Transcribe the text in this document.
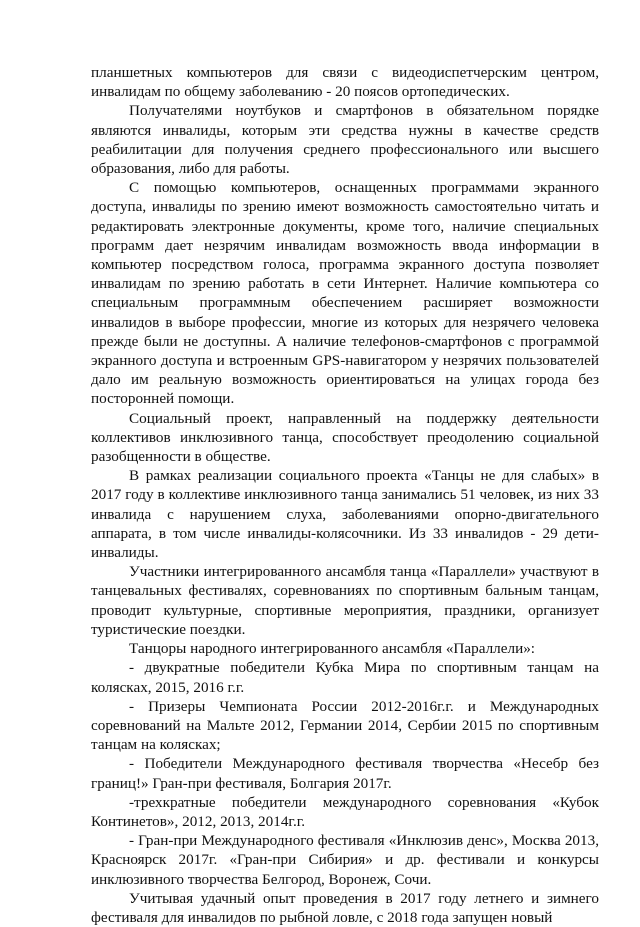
планшетных компьютеров для связи с видеодиспетчерским центром, инвалидам по общему заболеванию - 20 поясов ортопедических.

Получателями ноутбуков и смартфонов в обязательном порядке являются инвалиды, которым эти средства нужны в качестве средств реабилитации для получения среднего профессионального или высшего образования, либо для работы.

С помощью компьютеров, оснащенных программами экранного доступа, инвалиды по зрению имеют возможность самостоятельно читать и редактировать электронные документы, кроме того, наличие специальных программ дает незрячим инвалидам возможность ввода информации в компьютер посредством голоса, программа экранного доступа позволяет инвалидам по зрению работать в сети Интернет. Наличие компьютера со специальным программным обеспечением расширяет возможности инвалидов в выборе профессии, многие из которых для незрячего человека прежде были не доступны. А наличие телефонов-смартфонов с программой экранного доступа и встроенным GPS-навигатором у незрячих пользователей дало им реальную возможность ориентироваться на улицах города без посторонней помощи.

Социальный проект, направленный на поддержку деятельности коллективов инклюзивного танца, способствует преодолению социальной разобщенности в обществе.

В рамках реализации социального проекта «Танцы не для слабых» в 2017 году в коллективе инклюзивного танца занимались 51 человек, из них 33 инвалида с нарушением слуха, заболеваниями опорно-двигательного аппарата, в том числе инвалиды-колясочники. Из 33 инвалидов - 29 дети-инвалиды.

Участники интегрированного ансамбля танца «Параллели» участвуют в танцевальных фестивалях, соревнованиях по спортивным бальным танцам, проводит культурные, спортивные мероприятия, праздники, организует туристические поездки.

Танцоры народного интегрированного ансамбля «Параллели»:

- двукратные победители Кубка Мира по спортивным танцам на колясках, 2015, 2016 г.г.

- Призеры Чемпионата России 2012-2016г.г. и Международных соревнований на Мальте 2012, Германии 2014, Сербии 2015 по спортивным танцам на колясках;

- Победители Международного фестиваля творчества «Несебр без границ!» Гран-при фестиваля, Болгария 2017г.

-трехкратные победители международного соревнования «Кубок Континетов», 2012, 2013, 2014г.г.

- Гран-при Международного фестиваля «Инклюзив денс», Москва 2013, Красноярск 2017г. «Гран-при Сибирия» и др. фестивали и конкурсы инклюзивного творчества Белгород, Воронеж, Сочи.

Учитывая удачный опыт проведения в 2017 году летнего и зимнего фестиваля для инвалидов по рыбной ловле, с 2018 года запущен новый
